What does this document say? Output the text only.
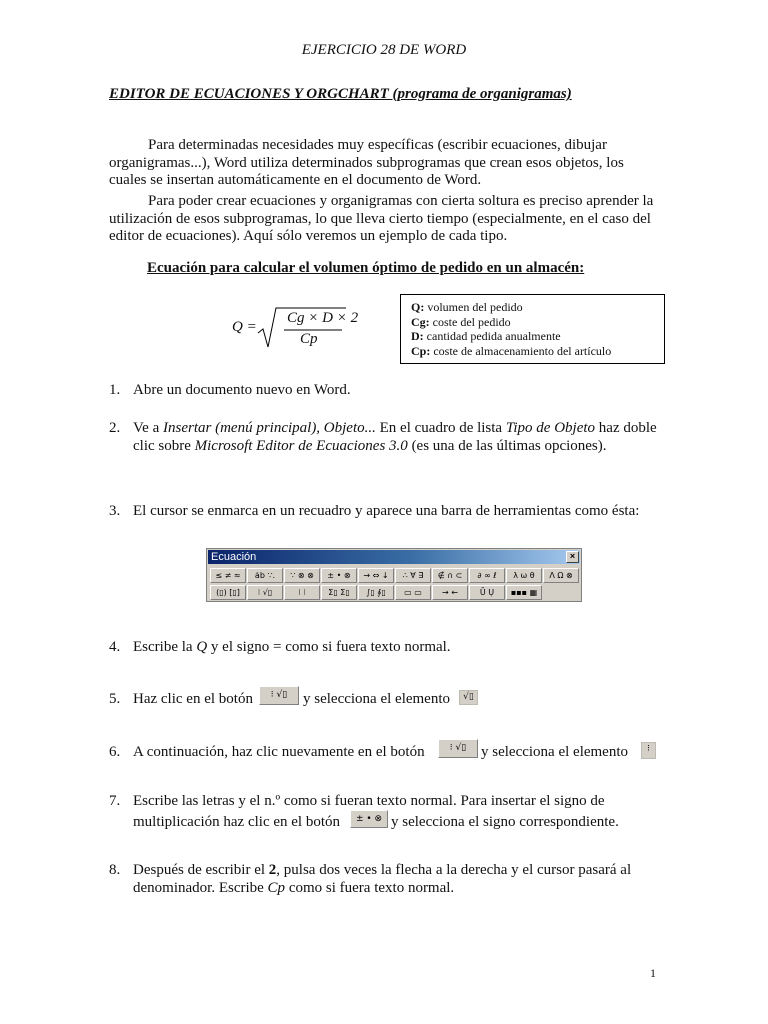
EJERCICIO 28 DE WORD
EDITOR DE ECUACIONES Y ORGCHART (programa de organigramas)
Para determinadas necesidades muy específicas (escribir ecuaciones, dibujar organigramas...), Word utiliza determinados subprogramas que crean esos objetos, los cuales se insertan automáticamente en el documento de Word.
Para poder crear ecuaciones y organigramas con cierta soltura es preciso aprender la utilización de esos subprogramas, lo que lleva cierto tiempo (especialmente, en el caso del editor de ecuaciones). Aquí sólo veremos un ejemplo de cada tipo.
Ecuación para calcular el volumen óptimo de pedido en un almacén:
Q =
Cg × D × 2
Cp
Q: volumen del pedido
Cg: coste del pedido
D: cantidad pedida anualmente
Cp: coste de almacenamiento del artículo
1. Abre un documento nuevo en Word.
2. Ve a Insertar (menú principal), Objeto... En el cuadro de lista Tipo de Objeto haz doble clic sobre Microsoft Editor de Ecuaciones 3.0 (es una de las últimas opciones).
3. El cursor se enmarca en un recuadro y aparece una barra de herramientas como ésta:
Ecuación	×
≤ ≠ ≈	ȧb ∵.	∵ ⊗ ⊗	± • ⊗	→ ⇔ ↓	∴ ∀ ∃	∉ ∩ ⊂	∂ ∞ ℓ	λ ω θ	Λ Ω ⊗
(▯) [▯]	⁝ √▯	⁝ ⁝	Σ▯ Σ▯	∫▯ ∮▯	▭ ▭	→ ←	Ū Ụ	▪▪▪ ▦
4. Escribe la Q y el signo = como si fuera texto normal.
5. Haz clic en el botón	⁝ √▯	y selecciona el elemento	√▯
6. A continuación, haz clic nuevamente en el botón	⁝ √▯ y selecciona el elemento	⁝
7. Escribe las letras y el n.º como si fueran texto normal. Para insertar el signo de
multiplicación haz clic en el botón	± • ⊗ y selecciona el signo correspondiente.
8. Después de escribir el 2, pulsa dos veces la flecha a la derecha y el cursor pasará al denominador. Escribe Cp como si fuera texto normal.
1
